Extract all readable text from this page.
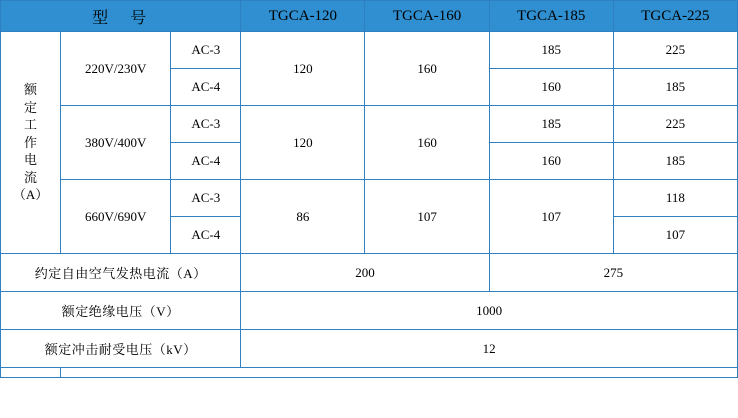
型　号			TGCA-120	TGCA-160	TGCA-185	TGCA-225

额
定
工
作
电
流
（A）
	220V/230V	AC-3	120	160	185	225
		AC-4			160	185
	380V/400V	AC-3	120	160	185	225
		AC-4			160	185
	660V/690V	AC-3	86	107	107	118
		AC-4				107
约定自由空气发热电流（A）			200		275	
额定绝缘电压（V）			1000			
额定冲击耐受电压（kV）			12			
